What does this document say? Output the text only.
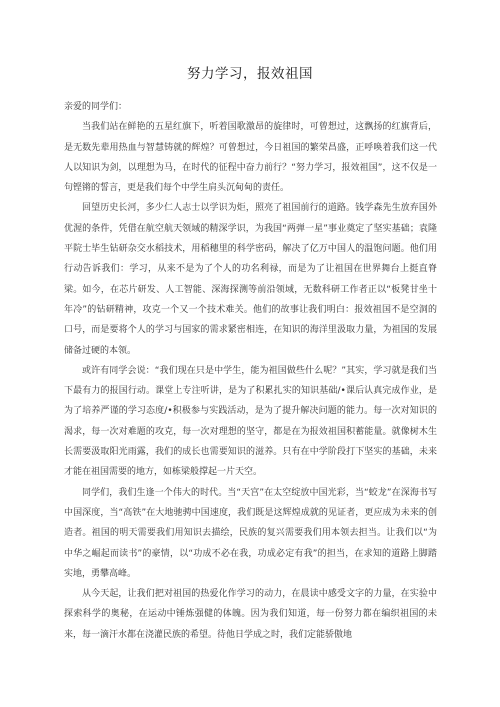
努力学习，报效祖国

亲爱的同学们：

当我们站在鲜艳的五星红旗下，听着国歌激昂的旋律时，可曾想过，这飘扬的红旗背后，是无数先辈用热血与智慧铸就的辉煌？可曾想过，今日祖国的繁荣昌盛，正呼唤着我们这一代人以知识为剑，以理想为马，在时代的征程中奋力前行？“努力学习，报效祖国”，这不仅是一句铿锵的誓言，更是我们每个中学生肩头沉甸甸的责任。

回望历史长河，多少仁人志士以学识为炬，照亮了祖国前行的道路。钱学森先生放弃国外优渥的条件，凭借在航空航天领域的精深学识，为我国“两弹一星”事业奠定了坚实基础；袁隆平院士毕生钻研杂交水稻技术，用稻穗里的科学密码，解决了亿万中国人的温饱问题。他们用行动告诉我们：学习，从来不是为了个人的功名利禄，而是为了让祖国在世界舞台上挺直脊梁。如今，在芯片研发、人工智能、深海探测等前沿领域，无数科研工作者正以“板凳甘坐十年冷”的钻研精神，攻克一个又一个技术难关。他们的故事让我们明白：报效祖国不是空洞的口号，而是要将个人的学习与国家的需求紧密相连，在知识的海洋里汲取力量，为祖国的发展储备过硬的本领。

或许有同学会说：“我们现在只是中学生，能为祖国做些什么呢？”其实，学习就是我们当下最有力的报国行动。课堂上专注听讲，是为了积累扎实的知识基础/•课后认真完成作业，是为了培养严谨的学习态度/•积极参与实践活动，是为了提升解决问题的能力。每一次对知识的渴求，每一次对难题的攻克，每一次对理想的坚守，都是在为报效祖国积蓄能量。就像树木生长需要汲取阳光雨露，我们的成长也需要知识的滋养。只有在中学阶段打下坚实的基础，未来才能在祖国需要的地方，如栋梁般撑起一片天空。

同学们，我们生逢一个伟大的时代。当“天宫”在太空绽放中国光彩，当“蛟龙”在深海书写中国深度，当“高铁”在大地驰骋中国速度，我们既是这辉煌成就的见证者，更应成为未来的创造者。祖国的明天需要我们用知识去描绘，民族的复兴需要我们用本领去担当。让我们以“为中华之崛起而读书”的豪情，以“功成不必在我，功成必定有我”的担当，在求知的道路上脚踏实地，勇攀高峰。

从今天起，让我们把对祖国的热爱化作学习的动力，在晨读中感受文字的力量，在实验中探索科学的奥秘，在运动中锤炼强健的体魄。因为我们知道，每一份努力都在编织祖国的未来，每一滴汗水都在浇灌民族的希望。待他日学成之时，我们定能骄傲地
